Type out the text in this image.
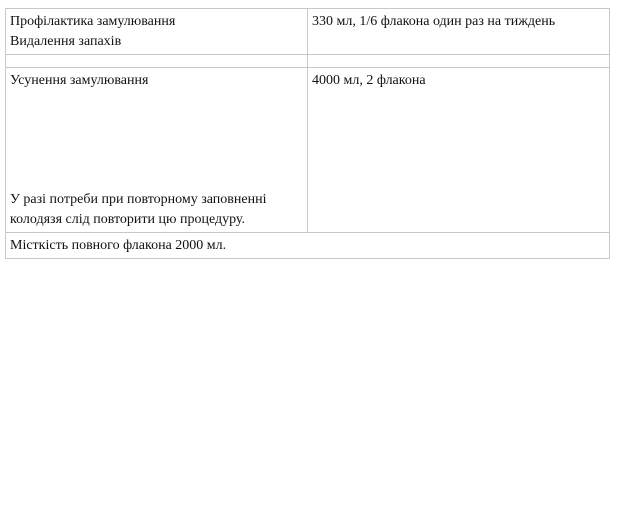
Профілактика замулювання
Видалення запахів	330 мл, 1/6 флакона один раз на тиждень

Усунення замулювання
У разі потреби при повторному заповненні
колодязя слід повторити цю процедуру.	4000 мл, 2 флакона

Місткість повного флакона 2000 мл.	
